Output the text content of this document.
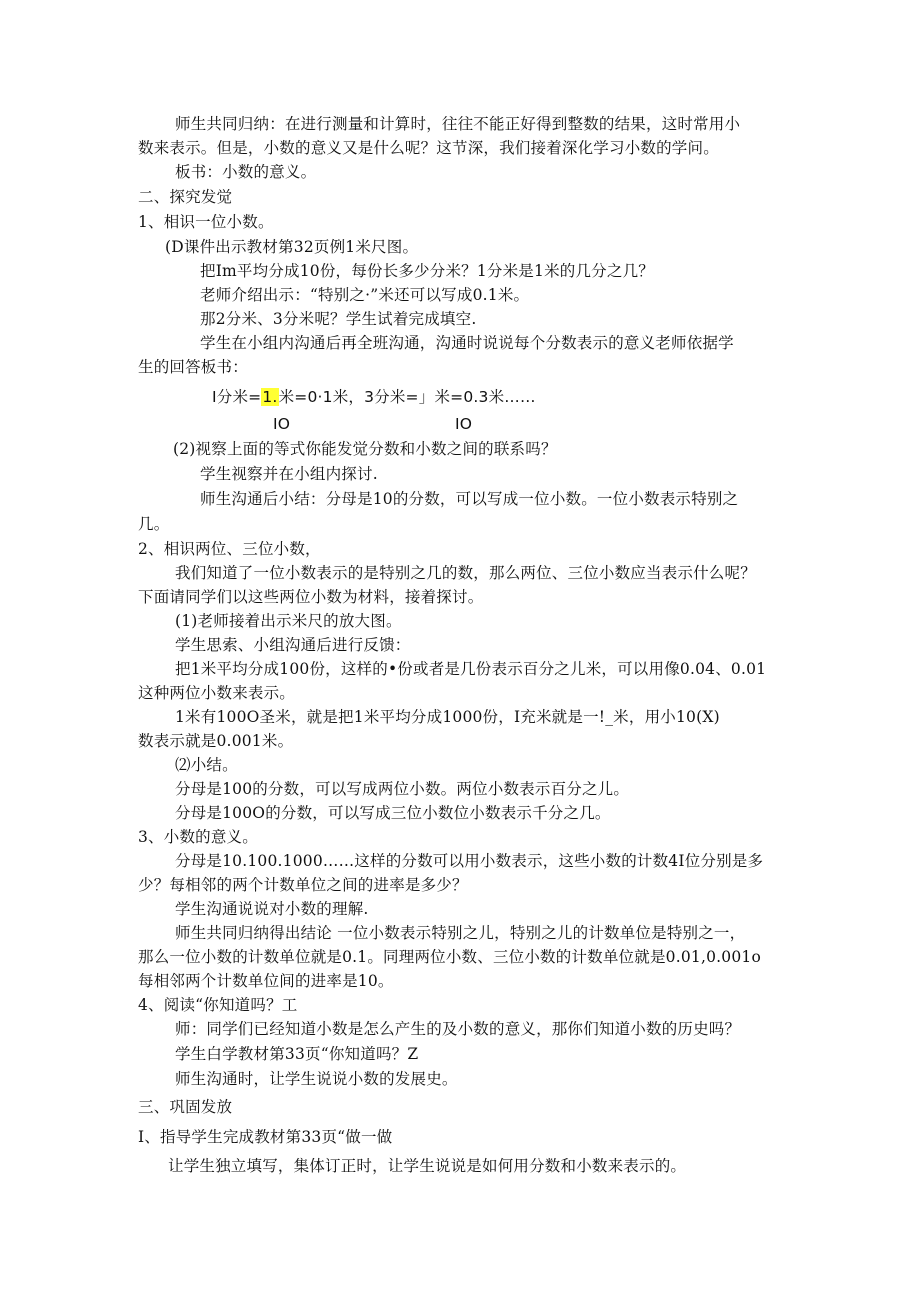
师生共同归纳：在进行测量和计算时，往往不能正好得到整数的结果，这时常用小
数来表示。但是，小数的意义又是什么呢？这节深，我们接着深化学习小数的学问。
板书：小数的意义。
二、探究发觉
1、相识一位小数。
(D课件出示教材第32页例1米尺图。
把Im平均分成10份，每份长多少分米？1分米是1米的几分之几？
老师介绍出示：“特别之·”米还可以写成0.1米。
那2分米、3分米呢？学生试着完成填空.
学生在小组内沟通后再全班沟通，沟通时说说每个分数表示的意义老师依据学
生的回答板书：
I分米=1.米=0·1米，3分米=」米=0.3米……
IO	IO
(2)视察上面的等式你能发觉分数和小数之间的联系吗？
学生视察并在小组内探讨.
师生沟通后小结：分母是10的分数，可以写成一位小数。一位小数表示特别之
几。
2、相识两位、三位小数，
我们知道了一位小数表示的是特别之几的数，那么两位、三位小数应当表示什么呢？
下面请同学们以这些两位小数为材料，接着探讨。
(1)老师接着出示米尺的放大图。
学生思索、小组沟通后进行反馈：
把1米平均分成100份，这样的•份或者是几份表示百分之儿米，可以用像0.04、0.01
这种两位小数来表示。
1米有100O圣米，就是把1米平均分成1000份，I充米就是一!_米，用小10(X)
数表示就是0.001米。
⑵小结。
分母是100的分数，可以写成两位小数。两位小数表示百分之儿。
分母是100O的分数，可以写成三位小数位小数表示千分之几。
3、小数的意义。
分母是10.100.1000……这样的分数可以用小数表示，这些小数的计数4I位分别是多
少？每相邻的两个计数单位之间的进率是多少？
学生沟通说说对小数的理解.
师生共同归纳得出结论 一位小数表示特别之儿，特别之儿的计数单位是特别之一，
那么一位小数的计数单位就是0.1。同理两位小数、三位小数的计数单位就是0.01,0.001o
每相邻两个计数单位间的进率是10。
4、阅读“你知道吗？工
师：同学们已经知道小数是怎么产生的及小数的意义，那你们知道小数的历史吗？
学生白学教材第33页“你知道吗？Z
师生沟通时，让学生说说小数的发展史。
三、巩固发放
I、指导学生完成教材第33页“做一做
让学生独立填写，集体订正时，让学生说说是如何用分数和小数来表示的。
